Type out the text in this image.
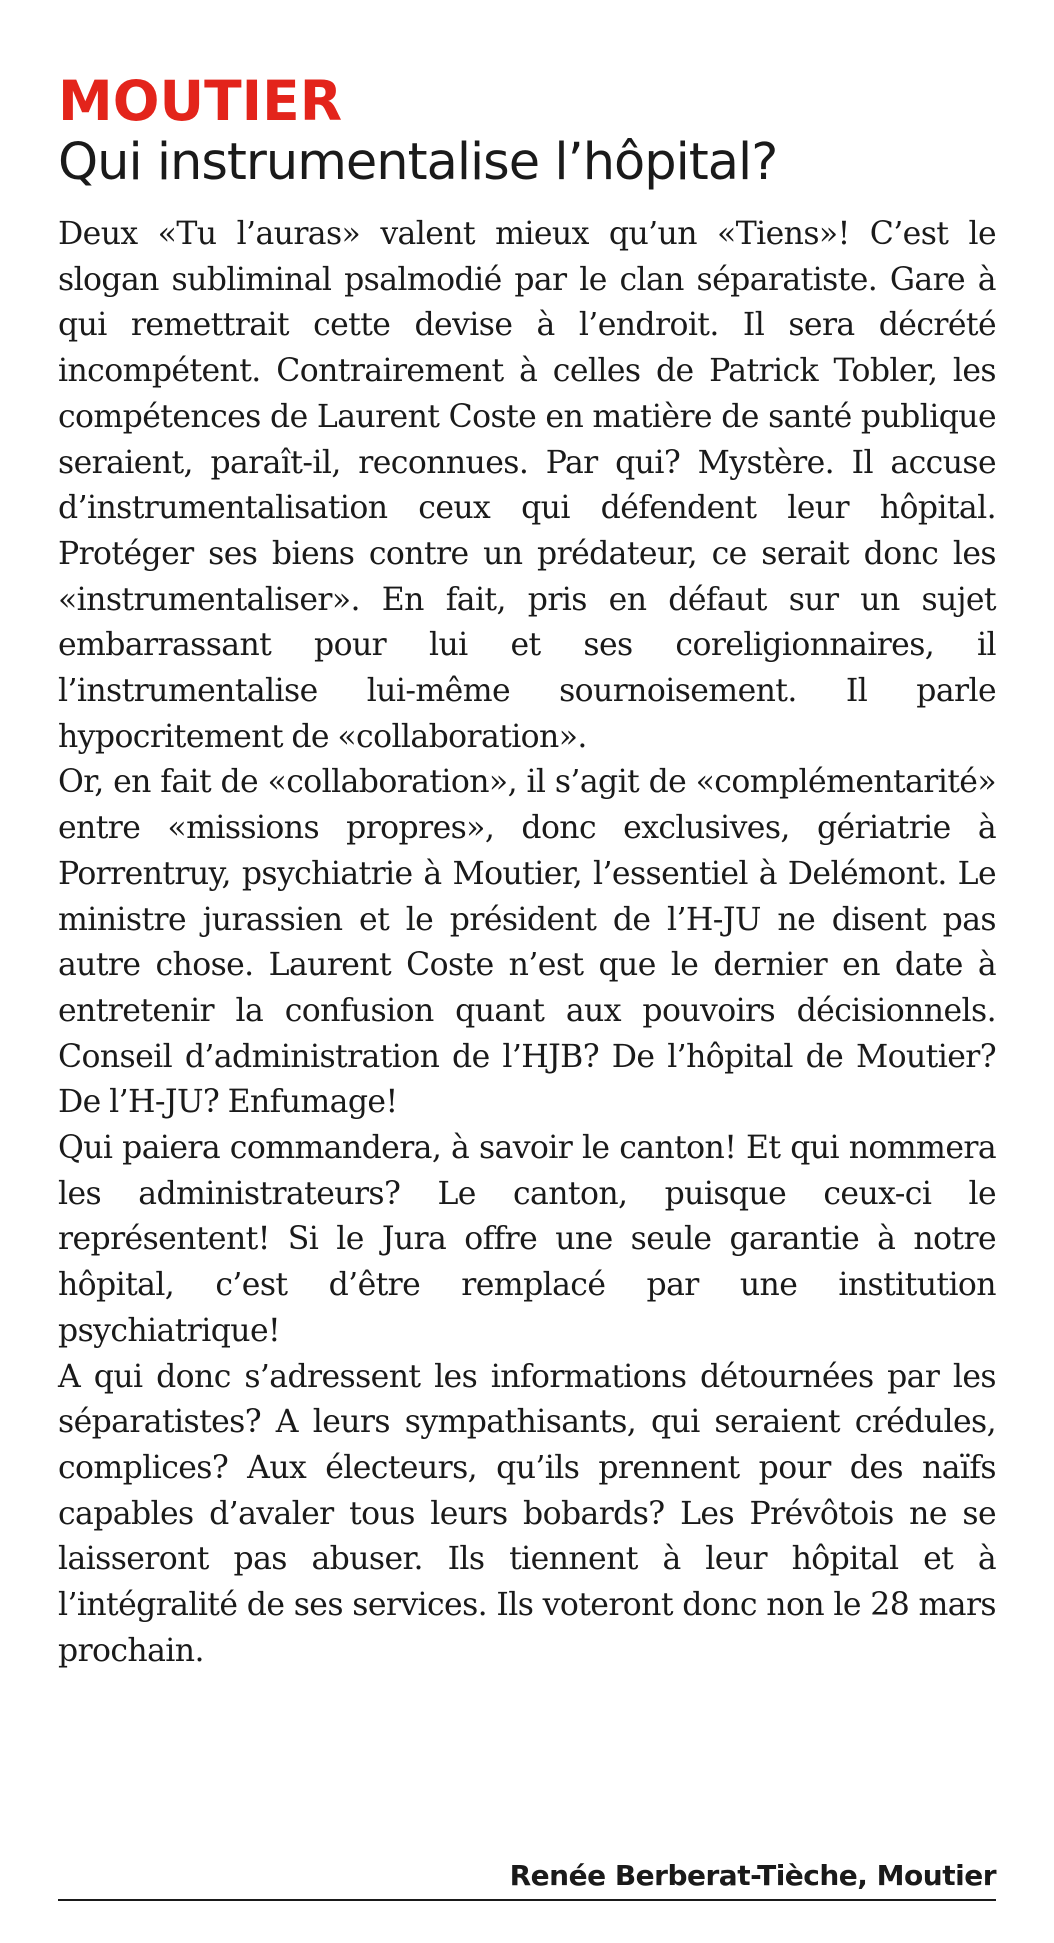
MOUTIER
Qui instrumentalise l’hôpital?

Deux «Tu l’auras» valent mieux qu’un «Tiens»! C’est le slogan subliminal psalmodié par le clan séparatiste. Gare à qui remettrait cette devise à l’endroit. Il sera décrété incompétent. Contrairement à celles de Patrick Tobler, les compétences de Laurent Coste en matière de santé publique seraient, paraît-il, reconnues. Par qui? Mystère. Il accuse d’instrumentalisation ceux qui défendent leur hôpital. Protéger ses biens contre un prédateur, ce serait donc les «instrumentaliser». En fait, pris en défaut sur un sujet embarrassant pour lui et ses coreligionnaires, il l’instrumentalise lui-même sournoisement. Il parle hypocritement de «collaboration».

Or, en fait de «collaboration», il s’agit de «complémentarité» entre «missions propres», donc exclusives, gériatrie à Porrentruy, psychiatrie à Moutier, l’essentiel à Delémont. Le ministre jurassien et le président de l’H-JU ne disent pas autre chose. Laurent Coste n’est que le dernier en date à entretenir la confusion quant aux pouvoirs décisionnels. Conseil d’administration de l’HJB? De l’hôpital de Moutier? De l’H-JU? Enfumage!

Qui paiera commandera, à savoir le canton! Et qui nommera les administrateurs? Le canton, puisque ceux-ci le représentent! Si le Jura offre une seule garantie à notre hôpital, c’est d’être remplacé par une institution psychiatrique!

A qui donc s’adressent les informations détournées par les séparatistes? A leurs sympathisants, qui seraient crédules, complices? Aux électeurs, qu’ils prennent pour des naïfs capables d’avaler tous leurs bobards? Les Prévôtois ne se laisseront pas abuser. Ils tiennent à leur hôpital et à l’intégralité de ses services. Ils voteront donc non le 28 mars prochain.

Renée Berberat-Tièche, Moutier
